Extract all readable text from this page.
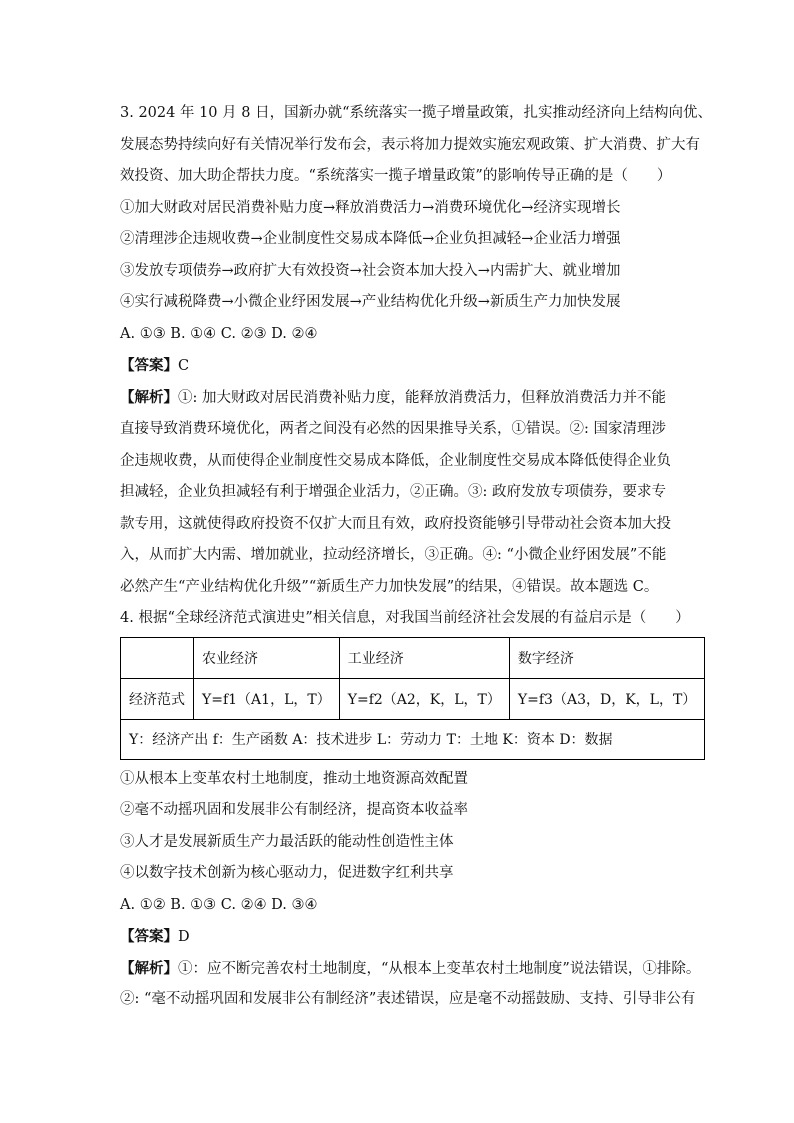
3. 2024 年 10 月 8 日，国新办就“系统落实一揽子增量政策，扎实推动经济向上结构向优、
发展态势持续向好有关情况举行发布会，表示将加力提效实施宏观政策、扩大消费、扩大有
效投资、加大助企帮扶力度。“系统落实一揽子增量政策”的影响传导正确的是（　　）
①加大财政对居民消费补贴力度→释放消费活力→消费环境优化→经济实现增长
②清理涉企违规收费→企业制度性交易成本降低→企业负担减轻→企业活力增强
③发放专项债券→政府扩大有效投资→社会资本加大投入→内需扩大、就业增加
④实行减税降费→小微企业纾困发展→产业结构优化升级→新质生产力加快发展
A. ①③ B. ①④ C. ②③ D. ②④
【答案】C
【解析】①: 加大财政对居民消费补贴力度，能释放消费活力，但释放消费活力并不能直接导致消费环境优化，两者之间没有必然的因果推导关系，①错误。②: 国家清理涉企违规收费，从而使得企业制度性交易成本降低，企业制度性交易成本降低使得企业负担减轻，企业负担减轻有利于增强企业活力，②正确。③: 政府发放专项债券，要求专款专用，这就使得政府投资不仅扩大而且有效，政府投资能够引导带动社会资本加大投入，从而扩大内需、增加就业，拉动经济增长，③正确。④: “小微企业纾困发展”不能必然产生“产业结构优化升级”“新质生产力加快发展”的结果，④错误。故本题选 C。
4. 根据“全球经济范式演进史”相关信息，对我国当前经济社会发展的有益启示是（　　）
	农业经济	工业经济	数字经济
经济范式	Y=f1（A1，L，T）	Y=f2（A2，K，L，T）	Y=f3（A3，D，K，L，T）
Y：经济产出 f：生产函数 A：技术进步 L：劳动力 T：土地 K：资本 D：数据			
①从根本上变革农村土地制度，推动土地资源高效配置
②毫不动摇巩固和发展非公有制经济，提高资本收益率
③人才是发展新质生产力最活跃的能动性创造性主体
④以数字技术创新为核心驱动力，促进数字红利共享
A. ①② B. ①③ C. ②④ D. ③④
【答案】D
【解析】①：应不断完善农村土地制度，“从根本上变革农村土地制度”说法错误，①排除。
②: “毫不动摇巩固和发展非公有制经济”表述错误，应是毫不动摇鼓励、支持、引导非公有
